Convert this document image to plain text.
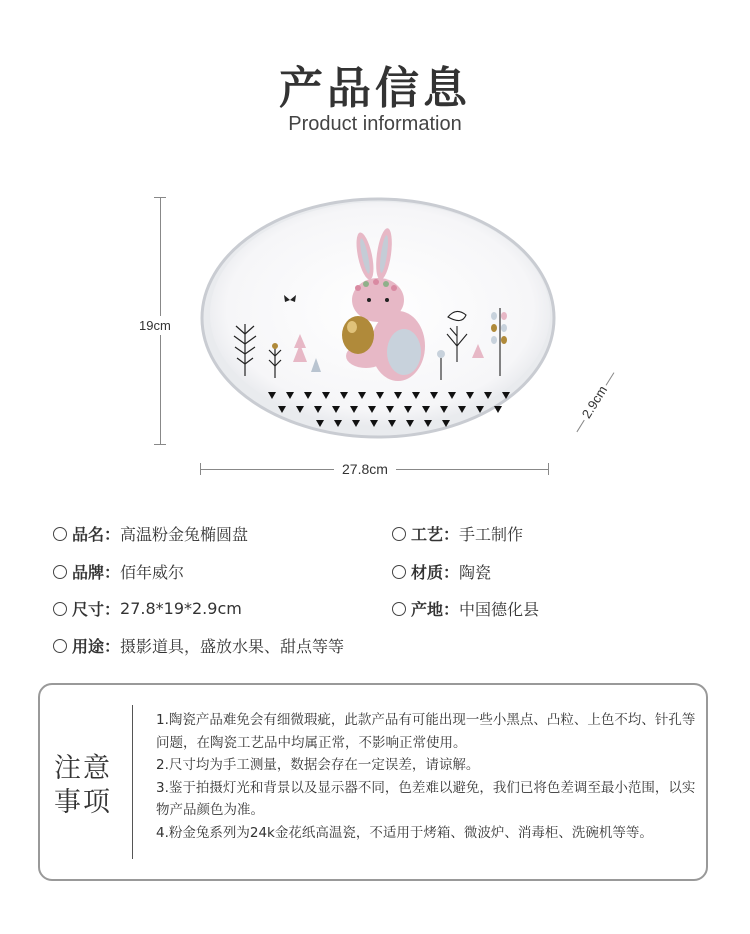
产品信息
Product information
19cm
27.8cm
2.9cm
品名： 高温粉金兔椭圆盘	工艺： 手工制作
品牌： 佰年威尔	材质： 陶瓷
尺寸： 27.8*19*2.9cm	产地： 中国德化县
用途： 摄影道具，盛放水果、甜点等等
注意事项

1.陶瓷产品难免会有细微瑕疵，此款产品有可能出现一些小黑点、凸粒、上色不均、针孔等问题，在陶瓷工艺品中均属正常，不影响正常使用。

2.尺寸均为手工测量，数据会存在一定误差，请谅解。

3.鉴于拍摄灯光和背景以及显示器不同，色差难以避免，我们已将色差调至最小范围，以实物产品颜色为准。

4.粉金兔系列为24k金花纸高温瓷，不适用于烤箱、微波炉、消毒柜、洗碗机等等。
